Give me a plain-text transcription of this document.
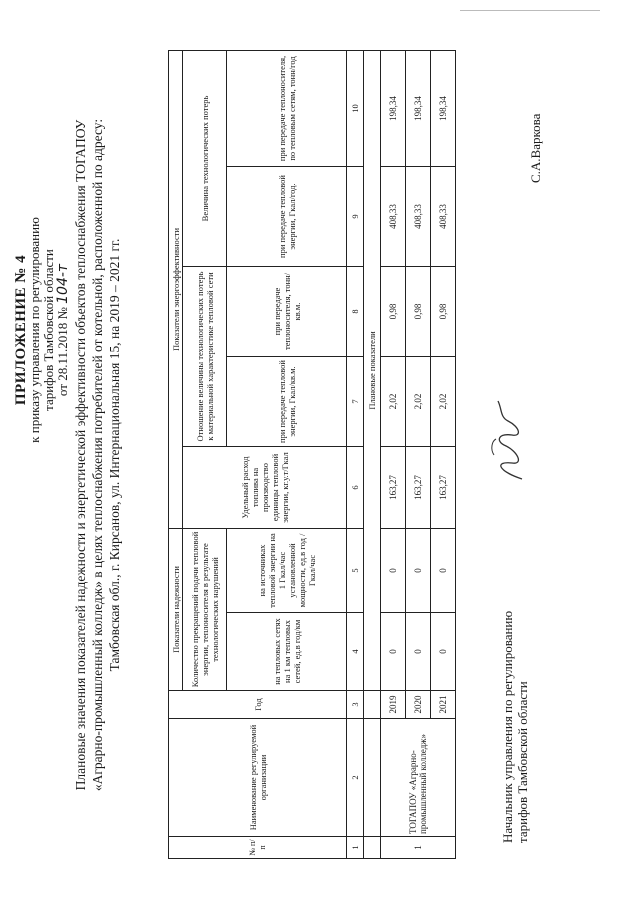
ПРИЛОЖЕНИЕ № 4
к приказу управления по регулированию тарифов Тамбовской области от 28.11.2018 № 104-т Плановые значения показателей надежности и энергетической эффективности объектов теплоснабжения ТОГАПОУ «Аграрно-промышленный колледж» в целях теплоснабжения потребителей от котельной, расположенной по адресу: Тамбовская обл., г. Кирсанов, ул. Интернациональная 15, на 2019 – 2021 гг.
№ п/п	Наименование регулируемой организации	Год	Показатели надежности		Показатели энергоэффективности				
			Количество прекращений подачи тепловой энергии, теплоносителя в результате технологических нарушений		Удельный расход топлива на производство единицы тепловой энергии, кг.у.т/Гкал	Отношение величины технологических потерь к материальной характеристике тепловой сети		Величина технологических потерь	
			на тепловых сетях на 1 км тепловых сетей, ед.в год/км	на источниках тепловой энергии на 1 Гкал/час установленной мощности, ед.в год /Гкал/час		при передаче тепловой энергии, Гкал/кв.м.	при передаче теплоносителя, тонн/кв.м.	при передаче тепловой энергии, Гкал/год.	при передаче теплоносителя, по тепловым сетям, тонн/год
1	2	3	4	5	6	7	8	9	10
			Плановые показатели						
1	ТОГАПОУ «Аграрно-промышленный колледж»	2019	0	0	163,27	2,02	0,98	408,33	198,34
		2020	0	0	163,27	2,02	0,98	408,33	198,34
		2021	0	0	163,27	2,02	0,98	408,33	198,34
Начальник управления по регулированию тарифов Тамбовской области
С.А.Варкова
